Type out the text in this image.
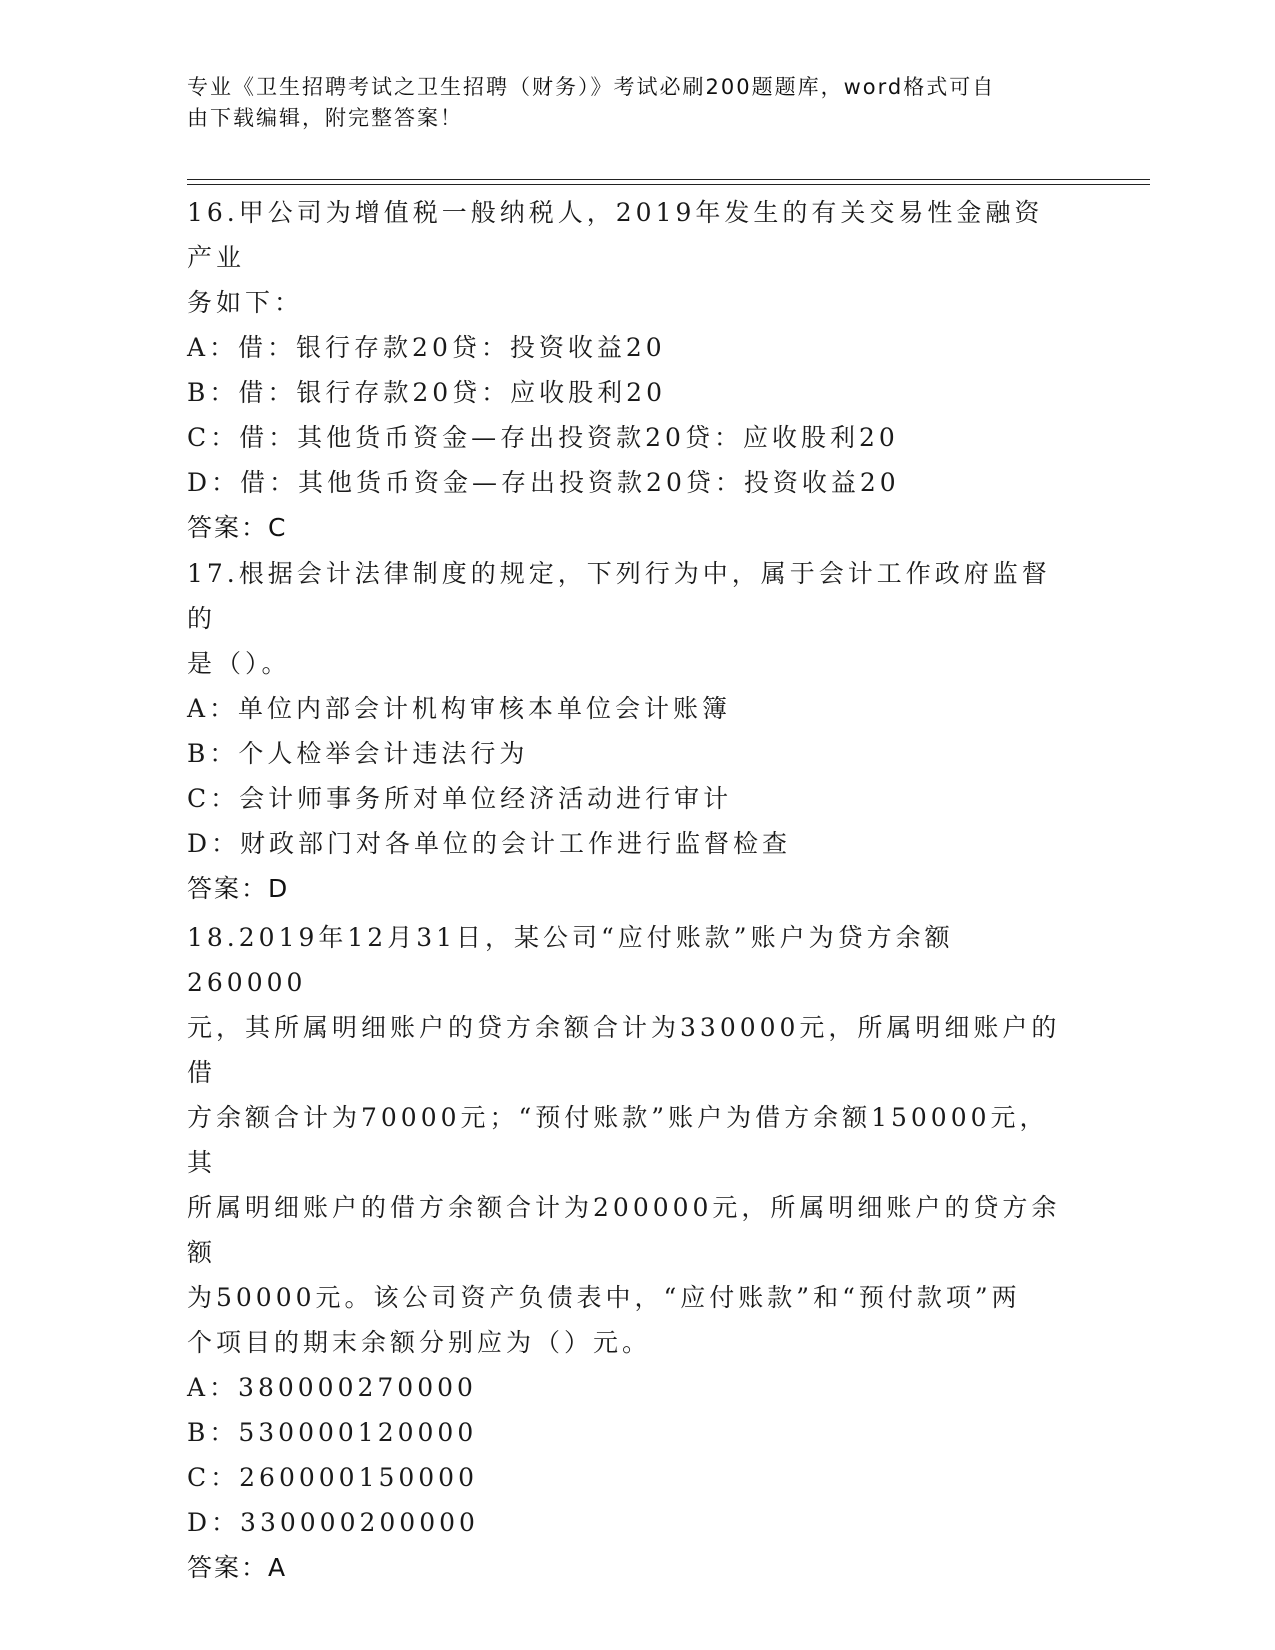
专业《卫生招聘考试之卫生招聘（财务）》考试必刷200题题库，word格式可自
由下载编辑，附完整答案！
16.甲公司为增值税一般纳税人，2019年发生的有关交易性金融资产业
务如下：
A：借：银行存款20贷：投资收益20
B：借：银行存款20贷：应收股利20
C：借：其他货币资金—存出投资款20贷：应收股利20
D：借：其他货币资金—存出投资款20贷：投资收益20
答案：C
17.根据会计法律制度的规定，下列行为中，属于会计工作政府监督的
是（）。
A：单位内部会计机构审核本单位会计账簿
B：个人检举会计违法行为
C：会计师事务所对单位经济活动进行审计
D：财政部门对各单位的会计工作进行监督检查
答案：D
18.2019年12月31日，某公司“应付账款”账户为贷方余额260000
元，其所属明细账户的贷方余额合计为330000元，所属明细账户的借
方余额合计为70000元；“预付账款”账户为借方余额150000元，其
所属明细账户的借方余额合计为200000元，所属明细账户的贷方余额
为50000元。该公司资产负债表中，“应付账款”和“预付款项”两
个项目的期末余额分别应为（）元。
A：380000270000
B：530000120000
C：260000150000
D：330000200000
答案：A
